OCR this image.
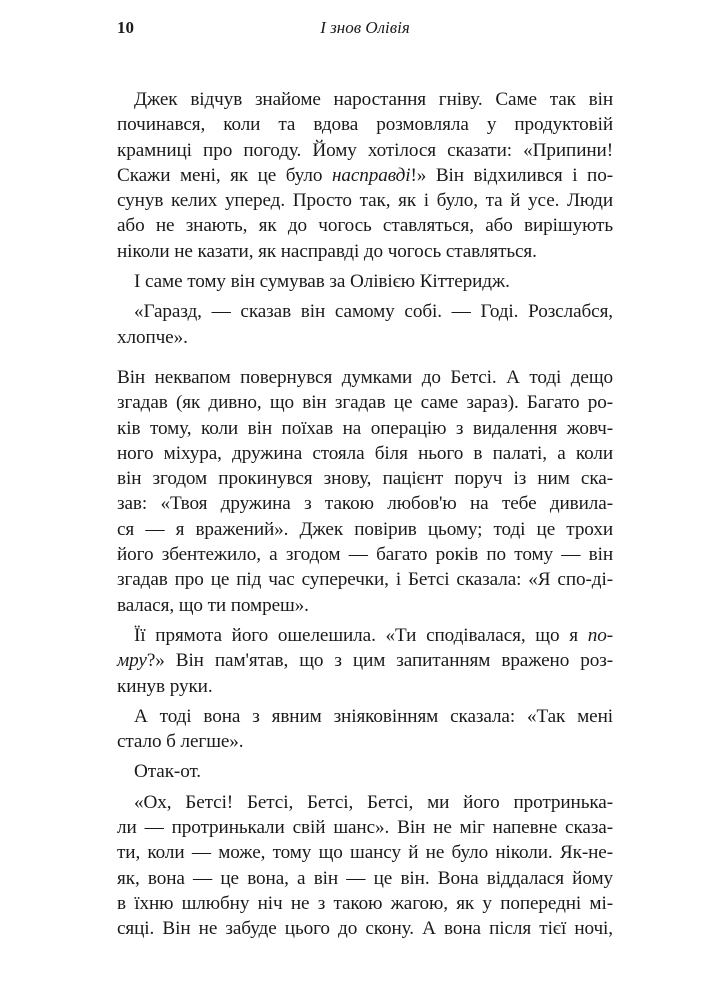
10	І знов Олівія
Джек відчув знайоме наростання гніву. Саме так він
починався, коли та вдова розмовляла у продуктовій
крамниці про погоду. Йому хотілося сказати: «Припини!
Скажи мені, як це було насправді!» Він відхилився і по-
сунув келих уперед. Просто так, як і було, та й усе. Люди
або не знають, як до чогось ставляться, або вирішують
ніколи не казати, як насправді до чогось ставляться.
І саме тому він сумував за Олівією Кіттеридж.
«Гаразд, — сказав він самому собі. — Годі. Розслабся,
хлопче».
Він неквапом повернувся думками до Бетсі. А тоді дещо
згадав (як дивно, що він згадав це саме зараз). Багато ро-
ків тому, коли він поїхав на операцію з видалення жовч-
ного міхура, дружина стояла біля нього в палаті, а коли
він згодом прокинувся знову, пацієнт поруч із ним ска-
зав: «Твоя дружина з такою любов'ю на тебе дивила-
ся — я вражений». Джек повірив цьому; тоді це трохи
його збентежило, а згодом — багато років по тому — він
згадав про це під час суперечки, і Бетсі сказала: «Я спо-ді-
валася, що ти помреш».
Її прямота його ошелешила. «Ти сподівалася, що я по-
мру?» Він пам'ятав, що з цим запитанням вражено роз-
кинув руки.
А тоді вона з явним зніяковінням сказала: «Так мені
стало б легше».
Отак-от.
«Ох, Бетсі! Бетсі, Бетсі, Бетсі, ми його протринька-
ли — протринькали свій шанс». Він не міг напевне сказа-
ти, коли — може, тому що шансу й не було ніколи. Як-не-
як, вона — це вона, а він — це він. Вона віддалася йому
в їхню шлюбну ніч не з такою жагою, як у попередні мі-
сяці. Він не забуде цього до скону. А вона після тієї ночі,
